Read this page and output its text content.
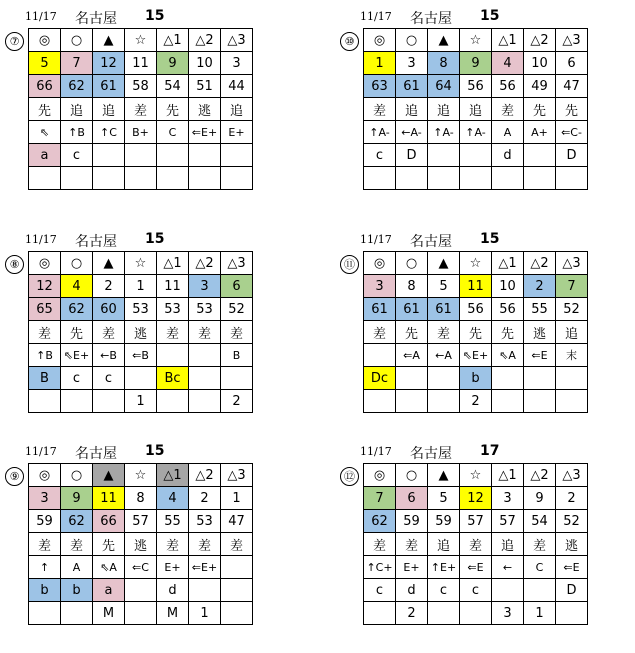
11/17 名古屋 15
⑦	◎	○	▲	☆	△1	△2	△3
5	7	12	11	9	10	3
66	62	61	58	54	51	44
先	追	追	差	先	逃	追
⇖	↑B	↑C	B+	C	⇐E+	E+
a	c					

11/17 名古屋 15
⑩	◎	○	▲	☆	△1	△2	△3
1	3	8	9	4	10	6
63	61	64	56	56	49	47
差	追	追	追	差	先	先
↑A-	←A-	↑A-	↑A-	A	A+	⇐C-
c	D			d		D

11/17 名古屋 15
⑧	◎	○	▲	☆	△1	△2	△3
12	4	2	1	11	3	6
65	62	60	53	53	53	52
差	先	差	逃	差	差	差
↑B	⇖E+	←B	⇐B			B
B	c	c		Bc		
			1			2
11/17 名古屋 15
⑪	◎	○	▲	☆	△1	△2	△3
3	8	5	11	10	2	7
61	61	61	56	56	55	52
差	先	差	先	先	逃	追
	⇐A	←A	⇖E+	⇖A	⇐E	末
Dc			b			
			2			
11/17 名古屋 15
⑨	◎	○	▲	☆	△1	△2	△3
3	9	11	8	4	2	1
59	62	66	57	55	53	47
差	差	先	逃	差	差	差
↑	A	⇖A	⇐C	E+	⇐E+	
b	b	a		d		
		M		M	1	
11/17 名古屋 17
⑫	◎	○	▲	☆	△1	△2	△3
7	6	5	12	3	9	2
62	59	59	57	57	54	52
差	差	追	差	追	差	逃
↑C+	E+	↑E+	⇐E	←	C	⇐E
c	d	c	c			D
	2			3	1	
